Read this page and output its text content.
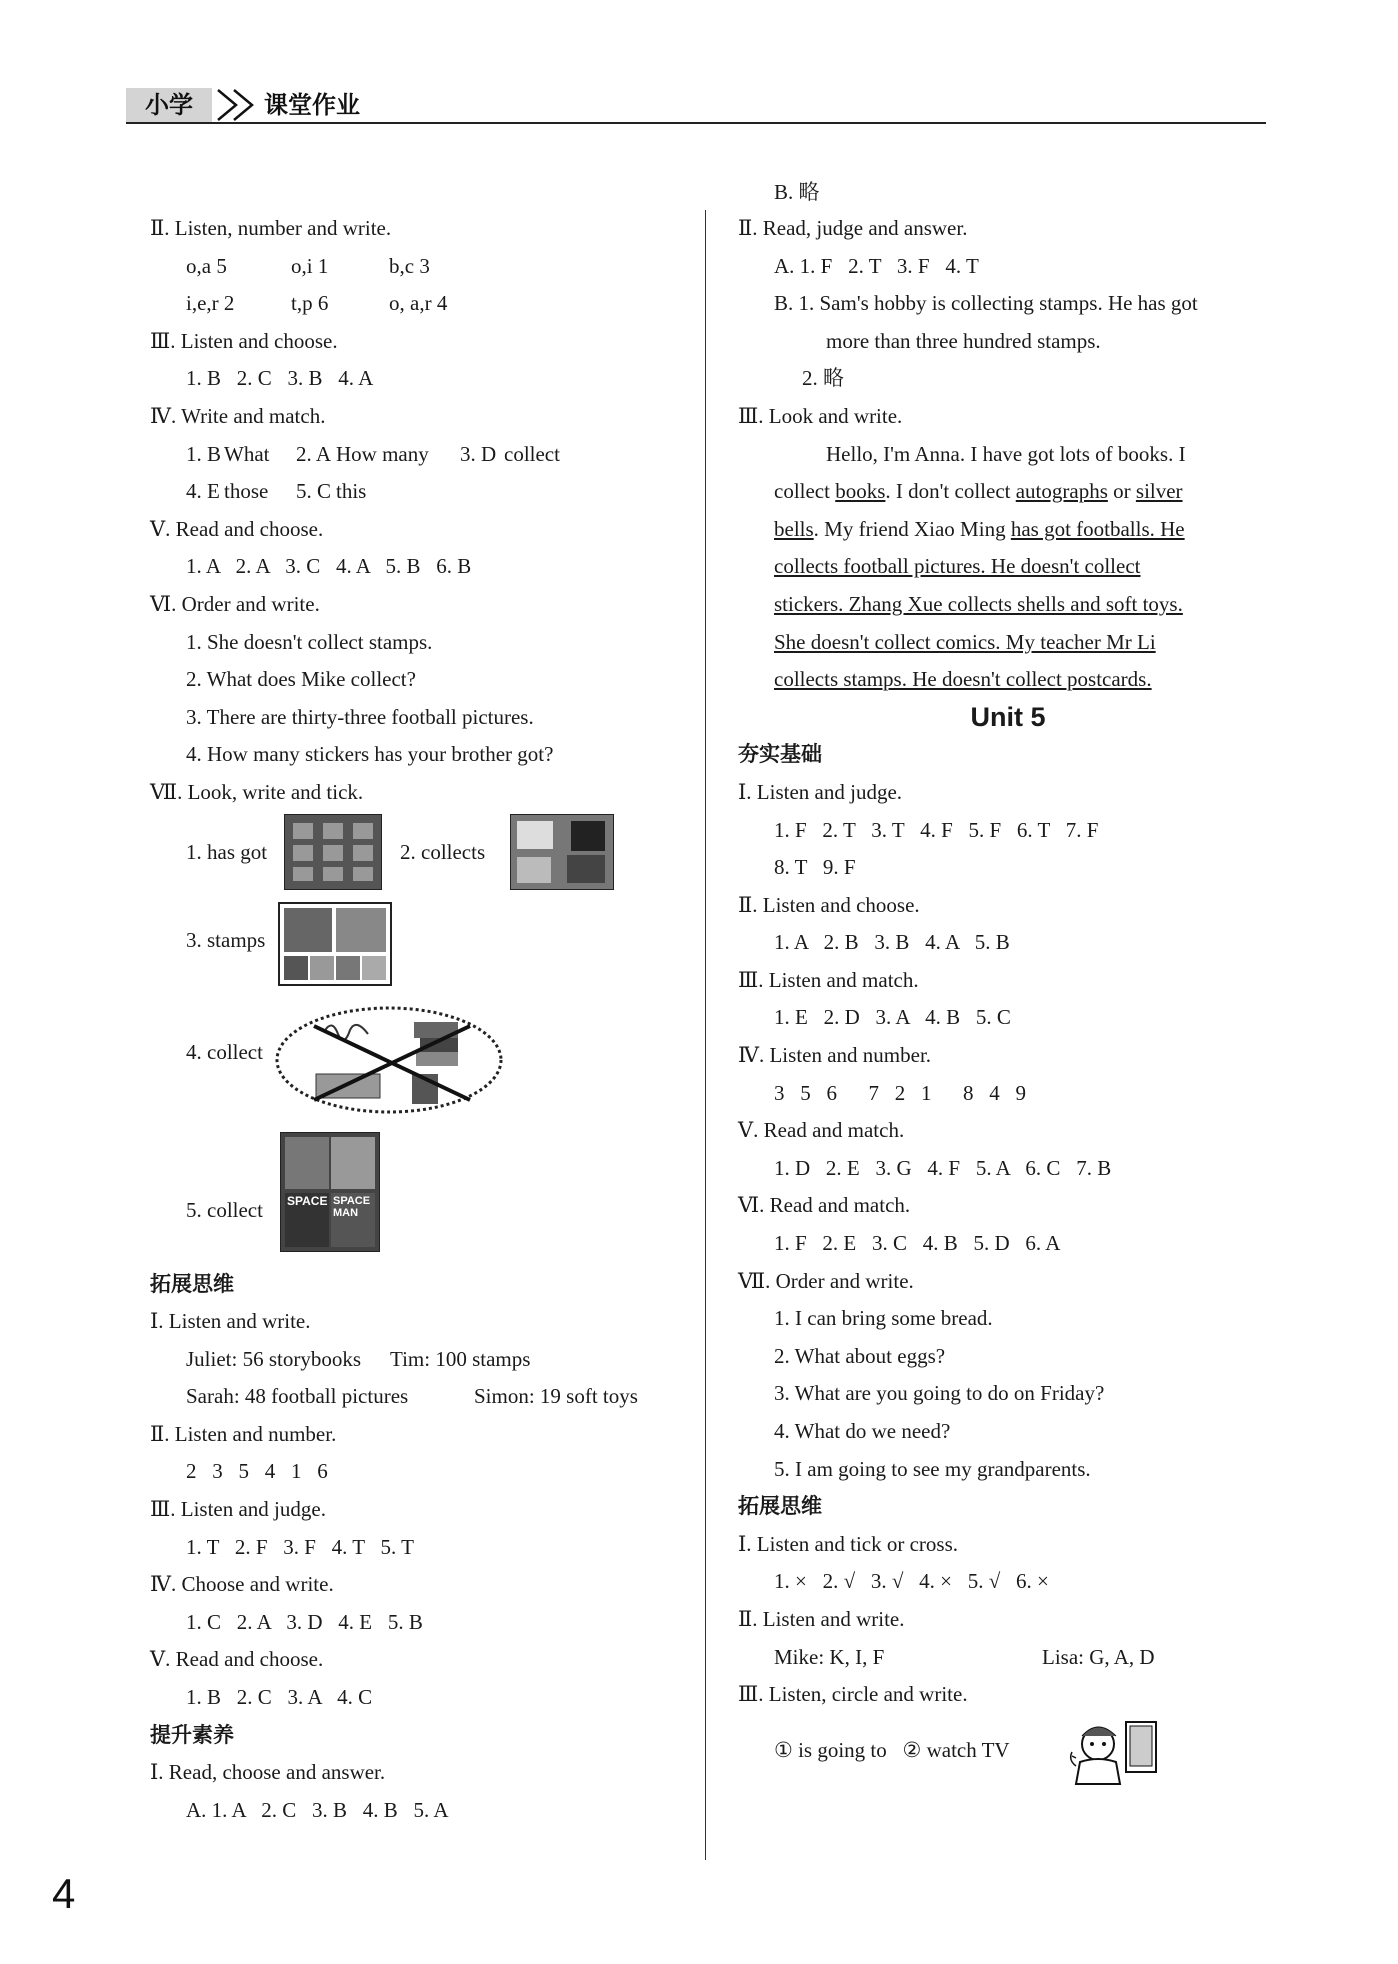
小学	课堂作业
Ⅱ. Listen, number and write.
o,a 5	o,i 1	b,c 3
i,e,r 2	t,p 6	o, a,r 4
Ⅲ. Listen and choose.
1. B   2. C   3. B   4. A
Ⅳ. Write and match.
1. B What 2. A How many 3. D collect
4. E those 5. C this
Ⅴ. Read and choose.
1. A   2. A   3. C   4. A   5. B   6. B
Ⅵ. Order and write.
1. She doesn't collect stamps.
2. What does Mike collect?
3. There are thirty-three football pictures.
4. How many stickers has your brother got?
Ⅶ. Look, write and tick.
1. has got	2. collects
3. stamps
4. collect
5. collect SPACE SPACE MAN
拓展思维
Ⅰ. Listen and write.
Juliet: 56 storybooks Tim: 100 stamps
Sarah: 48 football pictures	Simon: 19 soft toys
Ⅱ. Listen and number.
2   3   5   4   1   6
Ⅲ. Listen and judge.
1. T   2. F   3. F   4. T   5. T
Ⅳ. Choose and write.
1. C   2. A   3. D   4. E   5. B
Ⅴ. Read and choose.
1. B   2. C   3. A   4. C
提升素养
Ⅰ. Read, choose and answer.
A. 1. A   2. C   3. B   4. B   5. A
B. 略
Ⅱ. Read, judge and answer.
A. 1. F   2. T   3. F   4. T
B. 1. Sam's hobby is collecting stamps. He has got
more than three hundred stamps.
2. 略
Ⅲ. Look and write.
Hello, I'm Anna. I have got lots of books. I
collect books. I don't collect autographs or silver
bells. My friend Xiao Ming has got footballs. He
collects football pictures. He doesn't collect
stickers. Zhang Xue collects shells and soft toys.
She doesn't collect comics. My teacher Mr Li
collects stamps. He doesn't collect postcards.
Unit 5
夯实基础
Ⅰ. Listen and judge.
1. F   2. T   3. T   4. F   5. F   6. T   7. F
8. T   9. F
Ⅱ. Listen and choose.
1. A   2. B   3. B   4. A   5. B
Ⅲ. Listen and match.
1. E   2. D   3. A   4. B   5. C
Ⅳ. Listen and number.
3   5   6      7   2   1      8   4   9
Ⅴ. Read and match.
1. D   2. E   3. G   4. F   5. A   6. C   7. B
Ⅵ. Read and match.
1. F   2. E   3. C   4. B   5. D   6. A
Ⅶ. Order and write.
1. I can bring some bread.
2. What about eggs?
3. What are you going to do on Friday?
4. What do we need?
5. I am going to see my grandparents.
拓展思维
Ⅰ. Listen and tick or cross.
1. ×   2. √   3. √   4. ×   5. √   6. ×
Ⅱ. Listen and write.
Mike: K, I, F	Lisa: G, A, D
Ⅲ. Listen, circle and write.
① is going to   ② watch TV
4
